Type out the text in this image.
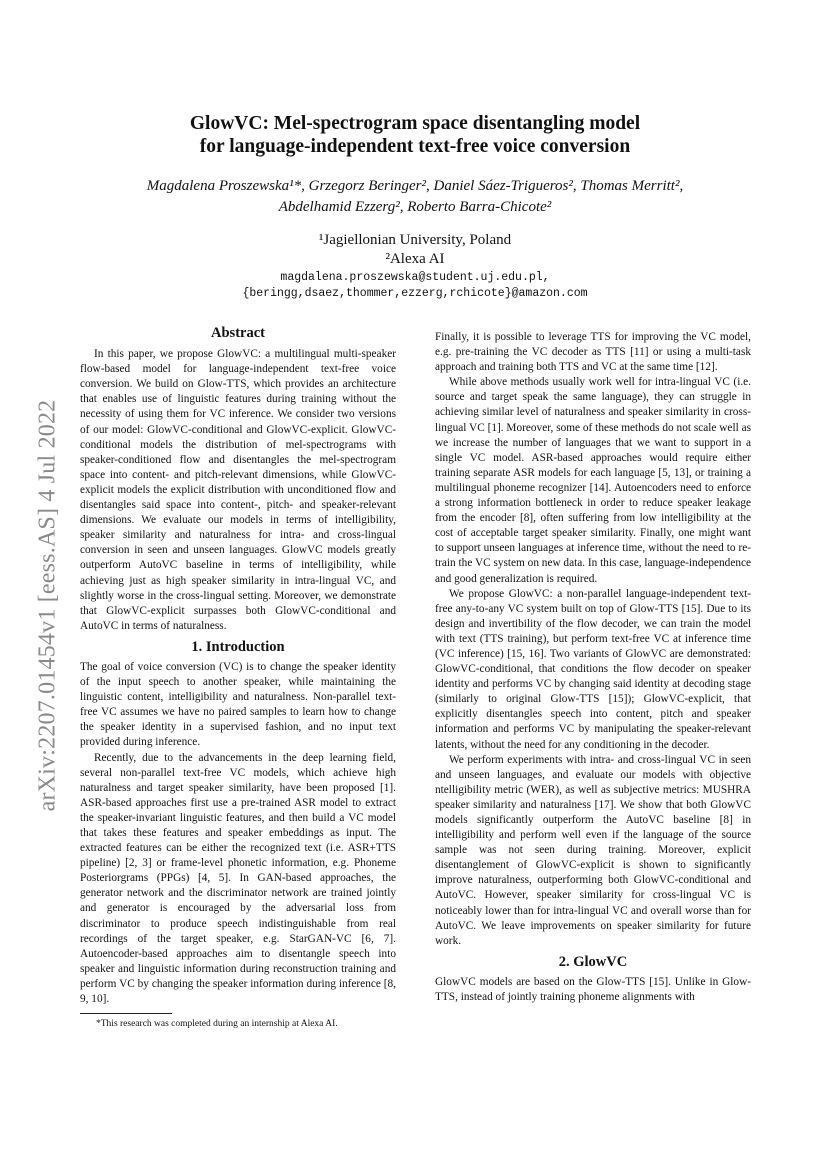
arXiv:2207.01454v1 [eess.AS] 4 Jul 2022
GlowVC: Mel-spectrogram space disentangling model
for language-independent text-free voice conversion
Magdalena Proszewska¹*, Grzegorz Beringer², Daniel Sáez-Trigueros², Thomas Merritt²,
Abdelhamid Ezzerg², Roberto Barra-Chicote²
¹Jagiellonian University, Poland
²Alexa AI
magdalena.proszewska@student.uj.edu.pl,
{beringg,dsaez,thommer,ezzerg,rchicote}@amazon.com
Abstract

In this paper, we propose GlowVC: a multilingual multi-speaker flow-based model for language-independent text-free voice conversion. We build on Glow-TTS, which provides an architecture that enables use of linguistic features during training without the necessity of using them for VC inference. We consider two versions of our model: GlowVC-conditional and GlowVC-explicit. GlowVC-conditional models the distribution of mel-spectrograms with speaker-conditioned flow and disentangles the mel-spectrogram space into content- and pitch-relevant dimensions, while GlowVC-explicit models the explicit distribution with unconditioned flow and disentangles said space into content-, pitch- and speaker-relevant dimensions. We evaluate our models in terms of intelligibility, speaker similarity and naturalness for intra- and cross-lingual conversion in seen and unseen languages. GlowVC models greatly outperform AutoVC baseline in terms of intelligibility, while achieving just as high speaker similarity in intra-lingual VC, and slightly worse in the cross-lingual setting. Moreover, we demonstrate that GlowVC-explicit surpasses both GlowVC-conditional and AutoVC in terms of naturalness.

1. Introduction

The goal of voice conversion (VC) is to change the speaker identity of the input speech to another speaker, while maintaining the linguistic content, intelligibility and naturalness. Non-parallel text-free VC assumes we have no paired samples to learn how to change the speaker identity in a supervised fashion, and no input text provided during inference.

Recently, due to the advancements in the deep learning field, several non-parallel text-free VC models, which achieve high naturalness and target speaker similarity, have been proposed [1]. ASR-based approaches first use a pre-trained ASR model to extract the speaker-invariant linguistic features, and then build a VC model that takes these features and speaker embeddings as input. The extracted features can be either the recognized text (i.e. ASR+TTS pipeline) [2, 3] or frame-level phonetic information, e.g. Phoneme Posteriorgrams (PPGs) [4, 5]. In GAN-based approaches, the generator network and the discriminator network are trained jointly and generator is encouraged by the adversarial loss from discriminator to produce speech indistinguishable from real recordings of the target speaker, e.g. StarGAN-VC [6, 7]. Autoencoder-based approaches aim to disentangle speech into speaker and linguistic information during reconstruction training and perform VC by changing the speaker information during inference [8, 9, 10].

*This research was completed during an internship at Alexa AI.

Finally, it is possible to leverage TTS for improving the VC model, e.g. pre-training the VC decoder as TTS [11] or using a multi-task approach and training both TTS and VC at the same time [12].

While above methods usually work well for intra-lingual VC (i.e. source and target speak the same language), they can struggle in achieving similar level of naturalness and speaker similarity in cross-lingual VC [1]. Moreover, some of these methods do not scale well as we increase the number of languages that we want to support in a single VC model. ASR-based approaches would require either training separate ASR models for each language [5, 13], or training a multilingual phoneme recognizer [14]. Autoencoders need to enforce a strong information bottleneck in order to reduce speaker leakage from the encoder [8], often suffering from low intelligibility at the cost of acceptable target speaker similarity. Finally, one might want to support unseen languages at inference time, without the need to re-train the VC system on new data. In this case, language-independence and good generalization is required.

We propose GlowVC: a non-parallel language-independent text-free any-to-any VC system built on top of Glow-TTS [15]. Due to its design and invertibility of the flow decoder, we can train the model with text (TTS training), but perform text-free VC at inference time (VC inference) [15, 16]. Two variants of GlowVC are demonstrated: GlowVC-conditional, that conditions the flow decoder on speaker identity and performs VC by changing said identity at decoding stage (similarly to original Glow-TTS [15]); GlowVC-explicit, that explicitly disentangles speech into content, pitch and speaker information and performs VC by manipulating the speaker-relevant latents, without the need for any conditioning in the decoder.

We perform experiments with intra- and cross-lingual VC in seen and unseen languages, and evaluate our models with objective ntelligibility metric (WER), as well as subjective metrics: MUSHRA speaker similarity and naturalness [17]. We show that both GlowVC models significantly outperform the AutoVC baseline [8] in intelligibility and perform well even if the language of the source sample was not seen during training. Moreover, explicit disentanglement of GlowVC-explicit is shown to significantly improve naturalness, outperforming both GlowVC-conditional and AutoVC. However, speaker similarity for cross-lingual VC is noticeably lower than for intra-lingual VC and overall worse than for AutoVC. We leave improvements on speaker similarity for future work.

2. GlowVC

GlowVC models are based on the Glow-TTS [15]. Unlike in Glow-TTS, instead of jointly training phoneme alignments with
